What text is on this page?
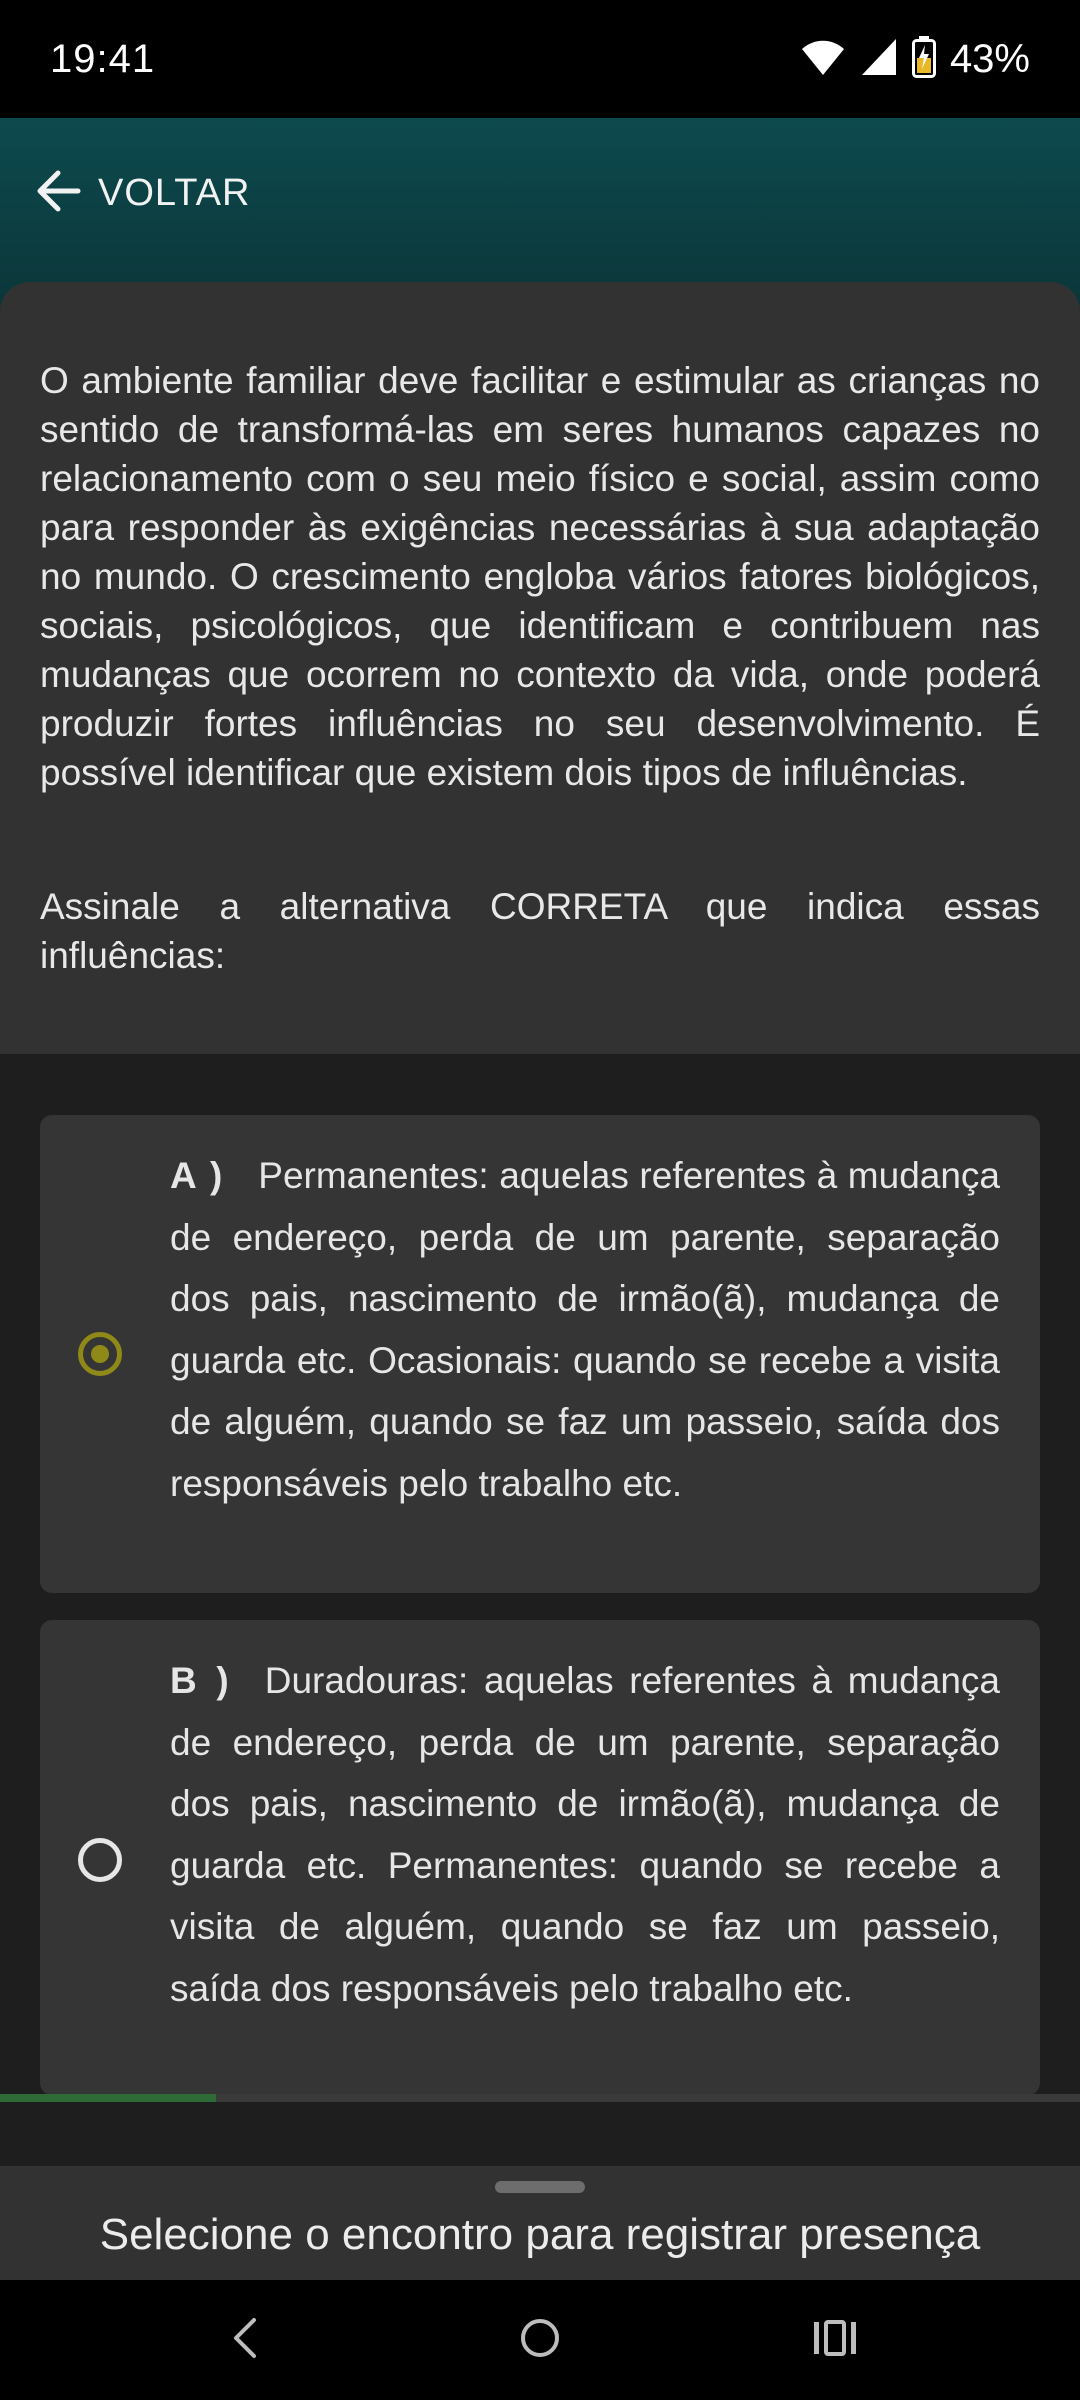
19:41	43%
VOLTAR
O ambiente familiar deve facilitar e estimular as crianças no sentido de transformá-las em seres humanos capazes no relacionamento com o seu meio físico e social, assim como para responder às exigências necessárias à sua adaptação no mundo. O crescimento engloba vários fatores biológicos, sociais, psicológicos, que identificam e contribuem nas mudanças que ocorrem no contexto da vida, onde poderá produzir fortes influências no seu desenvolvimento. É possível identificar que existem dois tipos de influências.
Assinale a alternativa CORRETA que indica essas influências:
A ) Permanentes: aquelas referentes à mudança de endereço, perda de um parente, separação dos pais, nascimento de irmão(ã), mudança de guarda etc. Ocasionais: quando se recebe a visita de alguém, quando se faz um passeio, saída dos responsáveis pelo trabalho etc.
B ) Duradouras: aquelas referentes à mudança de endereço, perda de um parente, separação dos pais, nascimento de irmão(ã), mudança de guarda etc. Permanentes: quando se recebe a visita de alguém, quando se faz um passeio, saída dos responsáveis pelo trabalho etc.
Selecione o encontro para registrar presença
